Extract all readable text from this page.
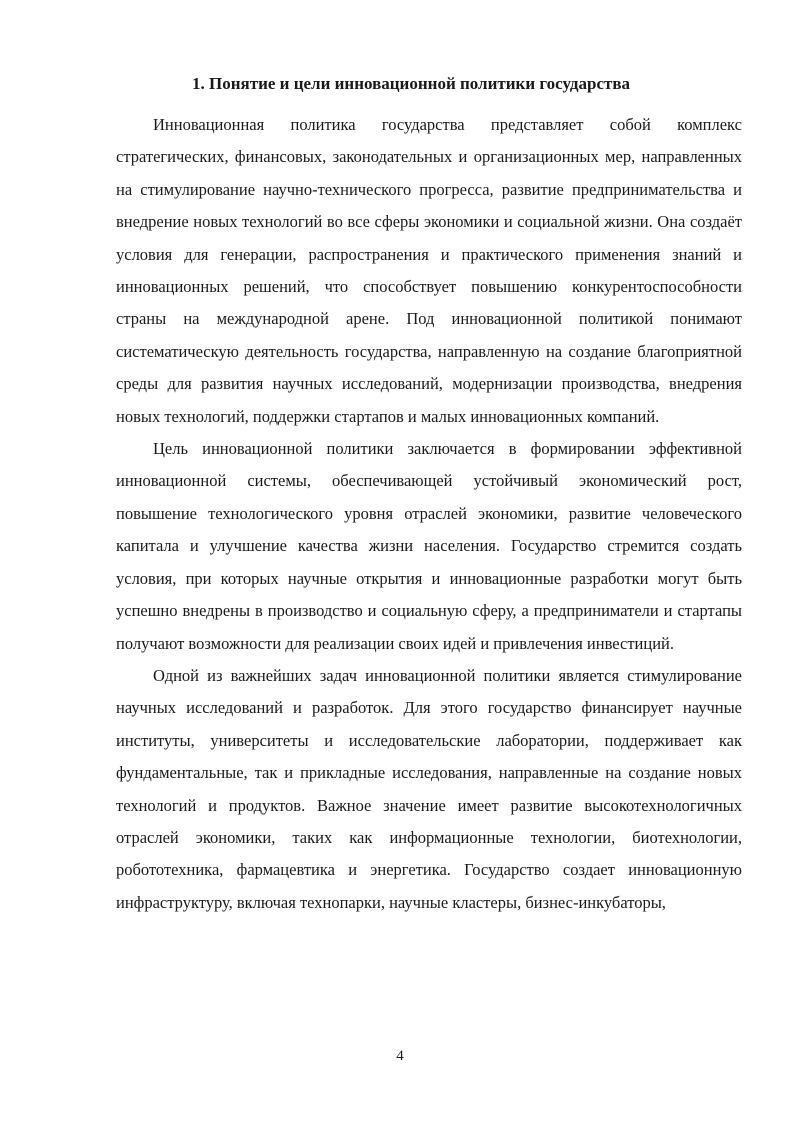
1. Понятие и цели инновационной политики государства

Инновационная политика государства представляет собой комплекс стратегических, финансовых, законодательных и организационных мер, направленных на стимулирование научно-технического прогресса, развитие предпринимательства и внедрение новых технологий во все сферы экономики и социальной жизни. Она создаёт условия для генерации, распространения и практического применения знаний и инновационных решений, что способствует повышению конкурентоспособности страны на международной арене. Под инновационной политикой понимают систематическую деятельность государства, направленную на создание благоприятной среды для развития научных исследований, модернизации производства, внедрения новых технологий, поддержки стартапов и малых инновационных компаний.

Цель инновационной политики заключается в формировании эффективной инновационной системы, обеспечивающей устойчивый экономический рост, повышение технологического уровня отраслей экономики, развитие человеческого капитала и улучшение качества жизни населения. Государство стремится создать условия, при которых научные открытия и инновационные разработки могут быть успешно внедрены в производство и социальную сферу, а предприниматели и стартапы получают возможности для реализации своих идей и привлечения инвестиций.

Одной из важнейших задач инновационной политики является стимулирование научных исследований и разработок. Для этого государство финансирует научные институты, университеты и исследовательские лаборатории, поддерживает как фундаментальные, так и прикладные исследования, направленные на создание новых технологий и продуктов. Важное значение имеет развитие высокотехнологичных отраслей экономики, таких как информационные технологии, биотехнологии, робототехника, фармацевтика и энергетика. Государство создает инновационную инфраструктуру, включая технопарки, научные кластеры, бизнес-инкубаторы,

4
